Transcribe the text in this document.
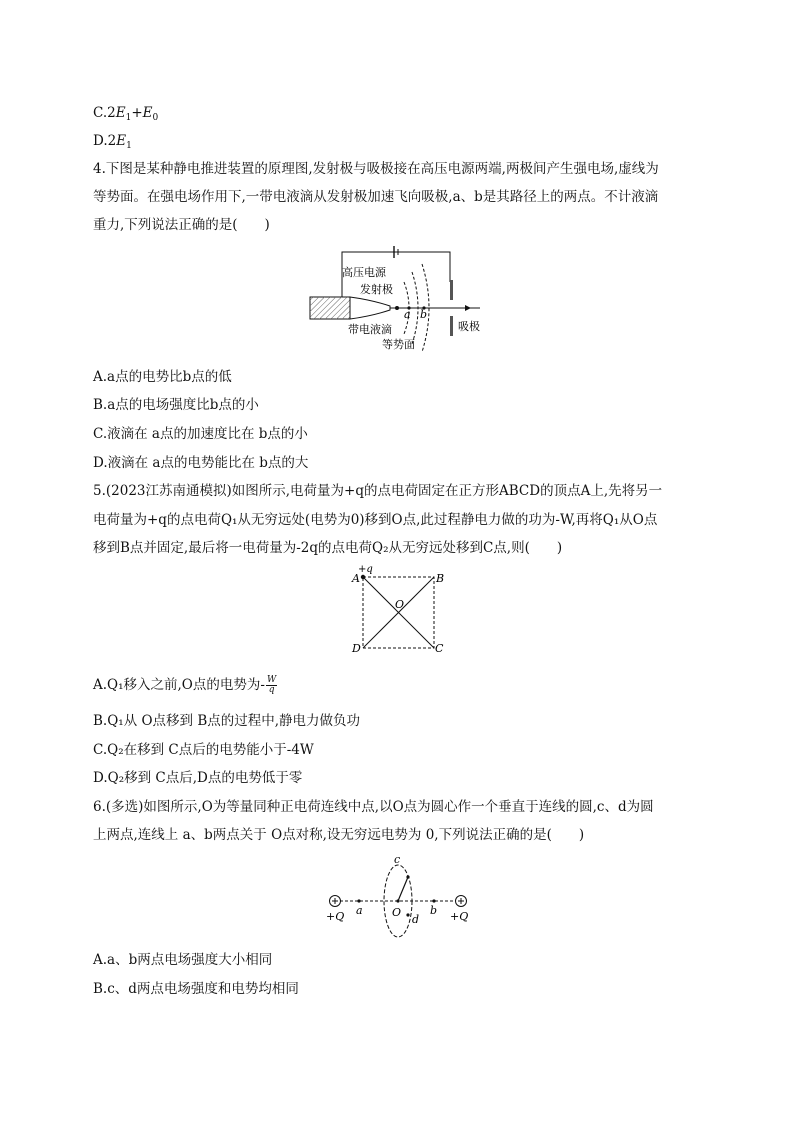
$C.2E_1+E_0$
$D.2E_1$
4.下图是某种静电推进装置的原理图,发射极与吸极接在高压电源两端,两极间产生强电场,虚线为
等势面。在强电场作用下,一带电液滴从发射极加速飞向吸极,a、b是其路径上的两点。不计液滴
重力,下列说法正确的是(　　)
高压电源
发射极
a b
带电液滴
等势面
吸极
A.a点的电势比b点的低
B.a点的电场强度比b点的小
C.液滴在 a点的加速度比在 b点的小
D.液滴在 a点的电势能比在 b点的大
5.(2023江苏南通模拟)如图所示,电荷量为+q的点电荷固定在正方形ABCD的顶点A上,先将另一
电荷量为+q的点电荷Q₁从无穷远处(电势为0)移到O点,此过程静电力做的功为-W,再将Q₁从O点
移到B点并固定,最后将一电荷量为-2q的点电荷Q₂从无穷远处移到C点,则(　　)
+q
A	B
C
D
O
A.Q₁移入之前,O点的电势为- $\frac{W}{q}$
B.Q₁从 O点移到 B点的过程中,静电力做负功
C.Q₂在移到 C点后的电势能小于-4W
D.Q₂移到 C点后,D点的电势低于零
6.(多选)如图所示,O为等量同种正电荷连线中点,以O点为圆心作一个垂直于连线的圆,c、d为圆
上两点,连线上 a、b两点关于 O点对称,设无穷远电势为 0,下列说法正确的是(　　)
+Q	+Q
a	b
c
d
O
A.a、b两点电场强度大小相同
B.c、d两点电场强度和电势均相同
